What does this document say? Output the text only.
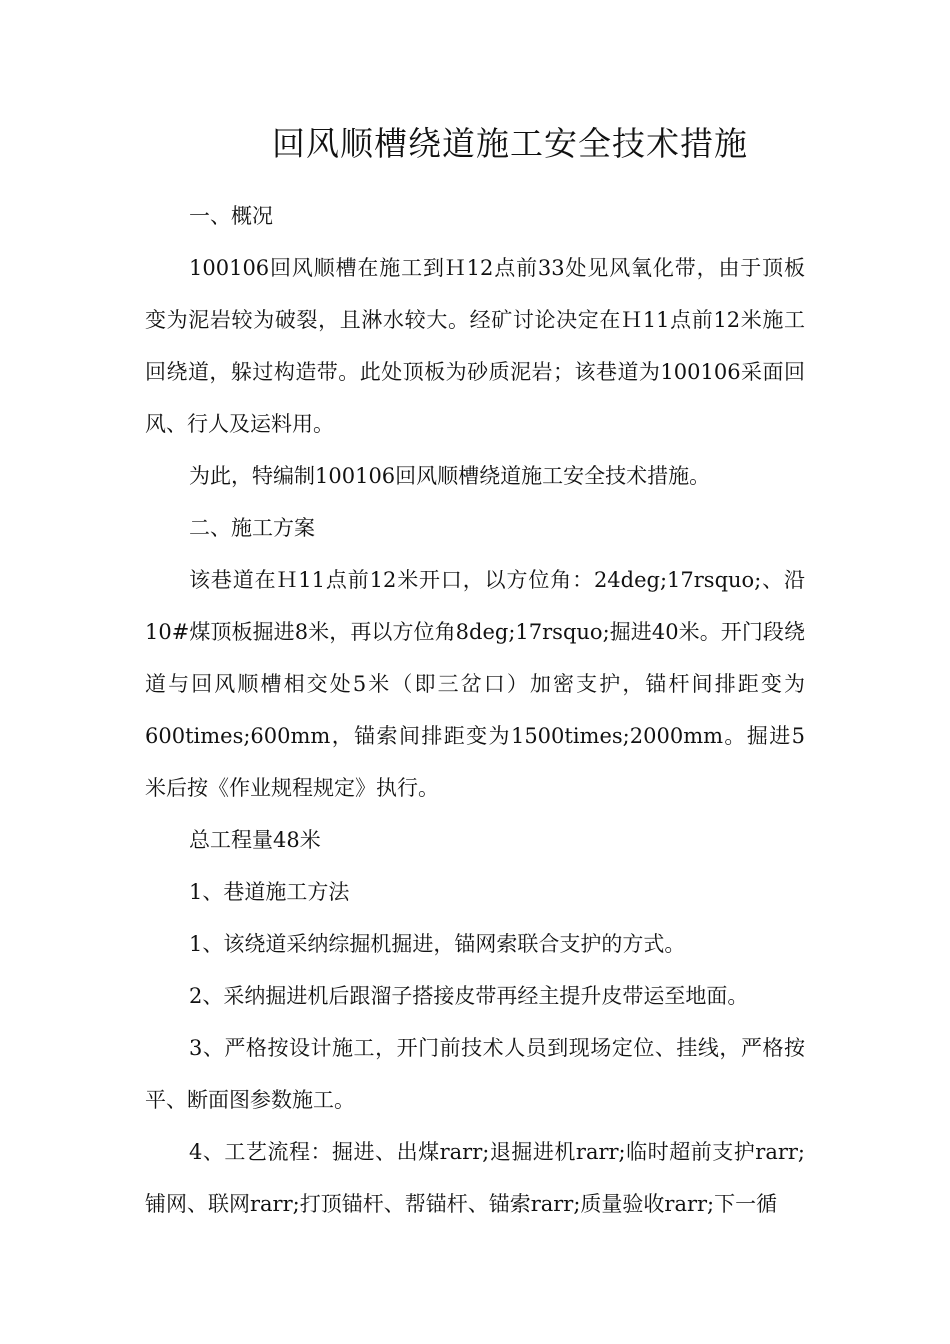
回风顺槽绕道施工安全技术措施

一、概况

100106回风顺槽在施工到Ｈ12点前33处见风氧化带，由于顶板变为泥岩较为破裂，且淋水较大。经矿讨论决定在Ｈ11点前12米施工回绕道，躲过构造带。此处顶板为砂质泥岩；该巷道为100106采面回风、行人及运料用。

为此，特编制100106回风顺槽绕道施工安全技术措施。

二、施工方案

该巷道在Ｈ11点前12米开口，以方位角：24deg;17rsquo;、沿10#煤顶板掘进8米，再以方位角8deg;17rsquo;掘进40米。开门段绕道与回风顺槽相交处5米（即三岔口）加密支护，锚杆间排距变为600times;600mm，锚索间排距变为1500times;2000mm。掘进5米后按《作业规程规定》执行。

总工程量48米

1、巷道施工方法

1、该绕道采纳综掘机掘进，锚网索联合支护的方式。

2、采纳掘进机后跟溜子搭接皮带再经主提升皮带运至地面。

3、严格按设计施工，开门前技术人员到现场定位、挂线，严格按平、断面图参数施工。

4、工艺流程：掘进、出煤rarr;退掘进机rarr;临时超前支护rarr;铺网、联网rarr;打顶锚杆、帮锚杆、锚索rarr;质量验收rarr;下一循
